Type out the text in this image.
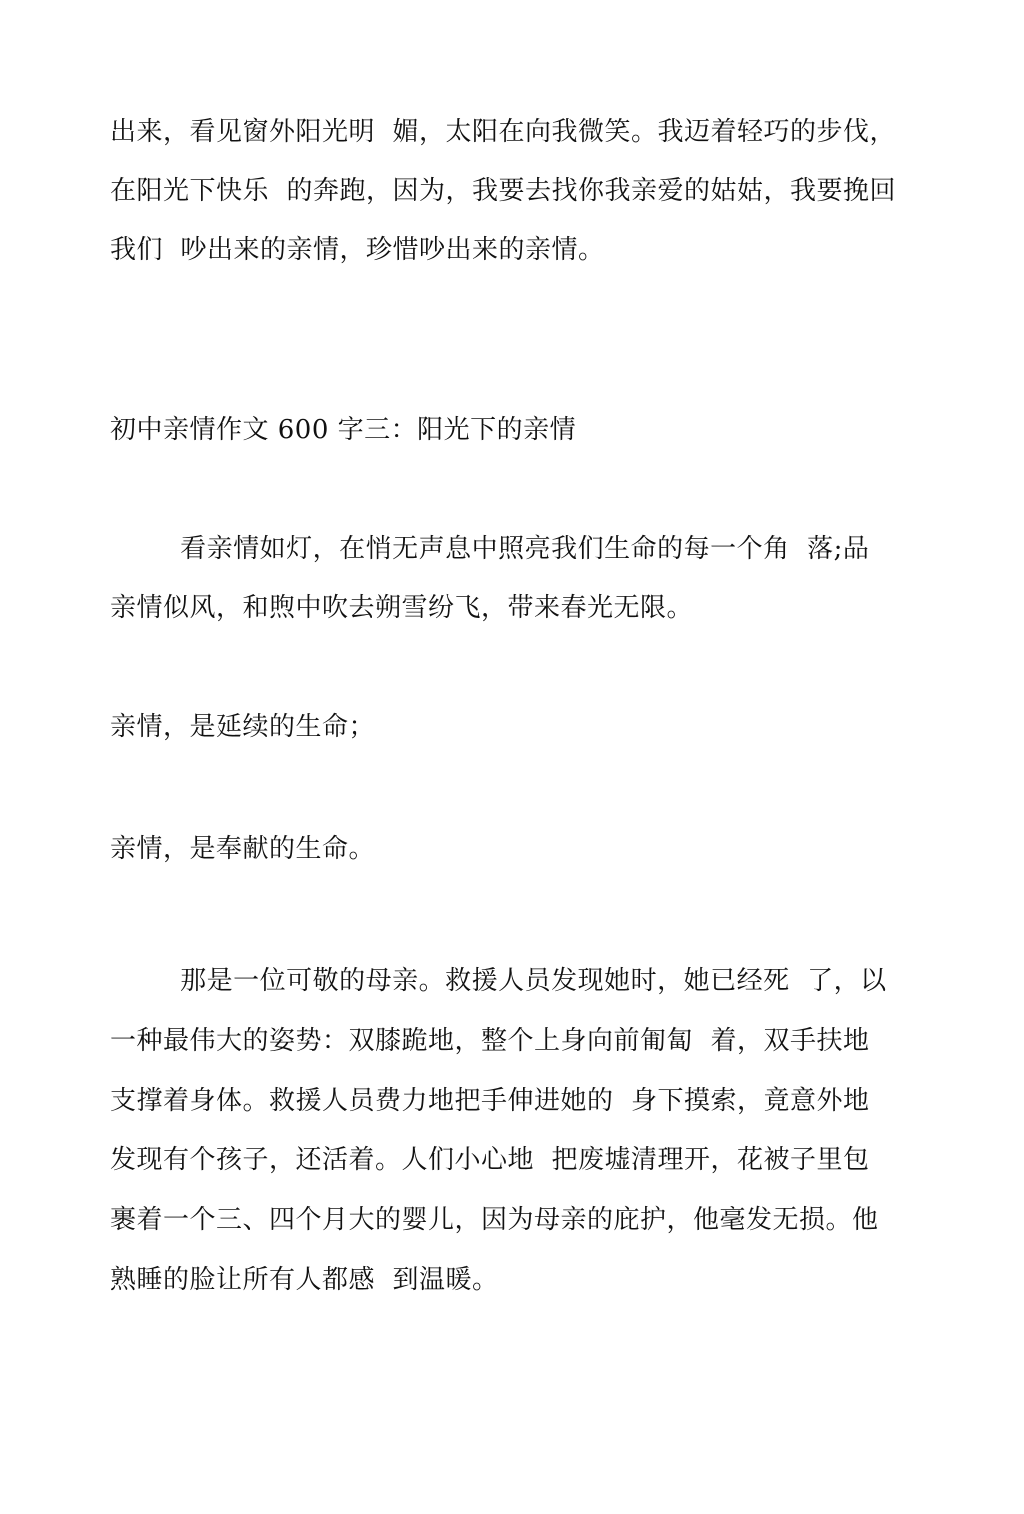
出来，看见窗外阳光明  媚，太阳在向我微笑。我迈着轻巧的步伐，
在阳光下快乐  的奔跑，因为，我要去找你我亲爱的姑姑，我要挽回
我们  吵出来的亲情，珍惜吵出来的亲情。
初中亲情作文 600 字三：阳光下的亲情
看亲情如灯，在悄无声息中照亮我们生命的每一个角  落;品
亲情似风，和煦中吹去朔雪纷飞，带来春光无限。
亲情，是延续的生命；
亲情，是奉献的生命。
那是一位可敬的母亲。救援人员发现她时，她已经死  了，以
一种最伟大的姿势：双膝跪地，整个上身向前匍匐  着，双手扶地
支撑着身体。救援人员费力地把手伸进她的  身下摸索，竟意外地
发现有个孩子，还活着。人们小心地  把废墟清理开，花被子里包
裹着一个三、四个月大的婴儿，因为母亲的庇护，他毫发无损。他
熟睡的脸让所有人都感  到温暖。
